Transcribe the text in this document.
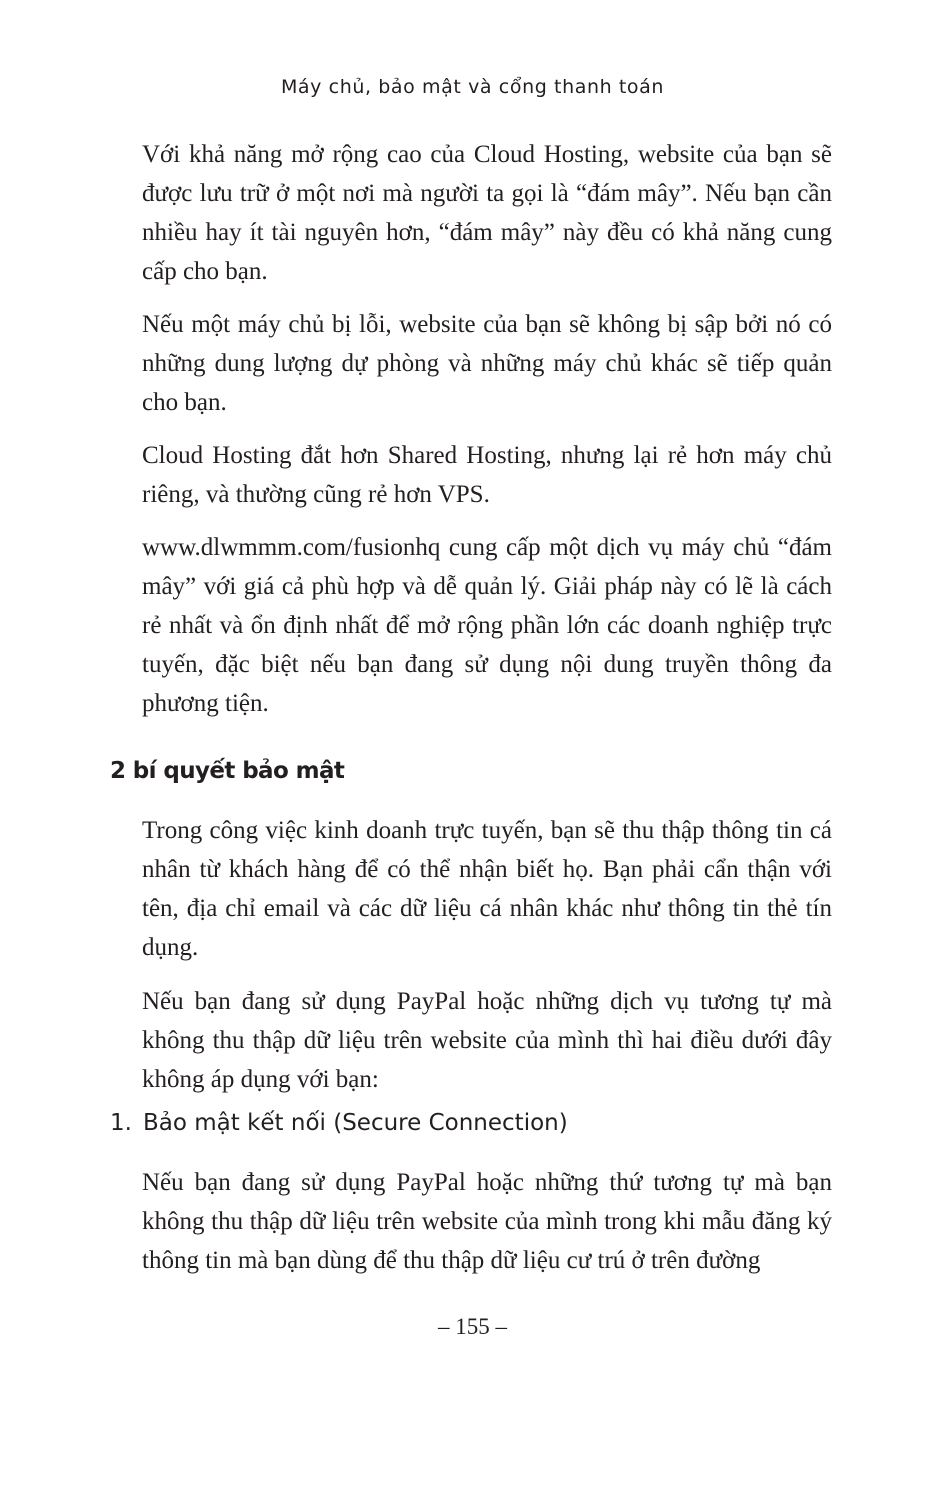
Máy chủ, bảo mật và cổng thanh toán

Với khả năng mở rộng cao của Cloud Hosting, website của bạn sẽ được lưu trữ ở một nơi mà người ta gọi là “đám mây”. Nếu bạn cần nhiều hay ít tài nguyên hơn, “đám mây” này đều có khả năng cung cấp cho bạn.

Nếu một máy chủ bị lỗi, website của bạn sẽ không bị sập bởi nó có những dung lượng dự phòng và những máy chủ khác sẽ tiếp quản cho bạn.

Cloud Hosting đắt hơn Shared Hosting, nhưng lại rẻ hơn máy chủ riêng, và thường cũng rẻ hơn VPS.

www.dlwmmm.com/fusionhq cung cấp một dịch vụ máy chủ “đám mây” với giá cả phù hợp và dễ quản lý. Giải pháp này có lẽ là cách rẻ nhất và ổn định nhất để mở rộng phần lớn các doanh nghiệp trực tuyến, đặc biệt nếu bạn đang sử dụng nội dung truyền thông đa phương tiện.

2 bí quyết bảo mật

Trong công việc kinh doanh trực tuyến, bạn sẽ thu thập thông tin cá nhân từ khách hàng để có thể nhận biết họ. Bạn phải cẩn thận với tên, địa chỉ email và các dữ liệu cá nhân khác như thông tin thẻ tín dụng.

Nếu bạn đang sử dụng PayPal hoặc những dịch vụ tương tự mà không thu thập dữ liệu trên website của mình thì hai điều dưới đây không áp dụng với bạn:

1. Bảo mật kết nối (Secure Connection)

Nếu bạn đang sử dụng PayPal hoặc những thứ tương tự mà bạn không thu thập dữ liệu trên website của mình trong khi mẫu đăng ký thông tin mà bạn dùng để thu thập dữ liệu cư trú ở trên đường

– 155 –
